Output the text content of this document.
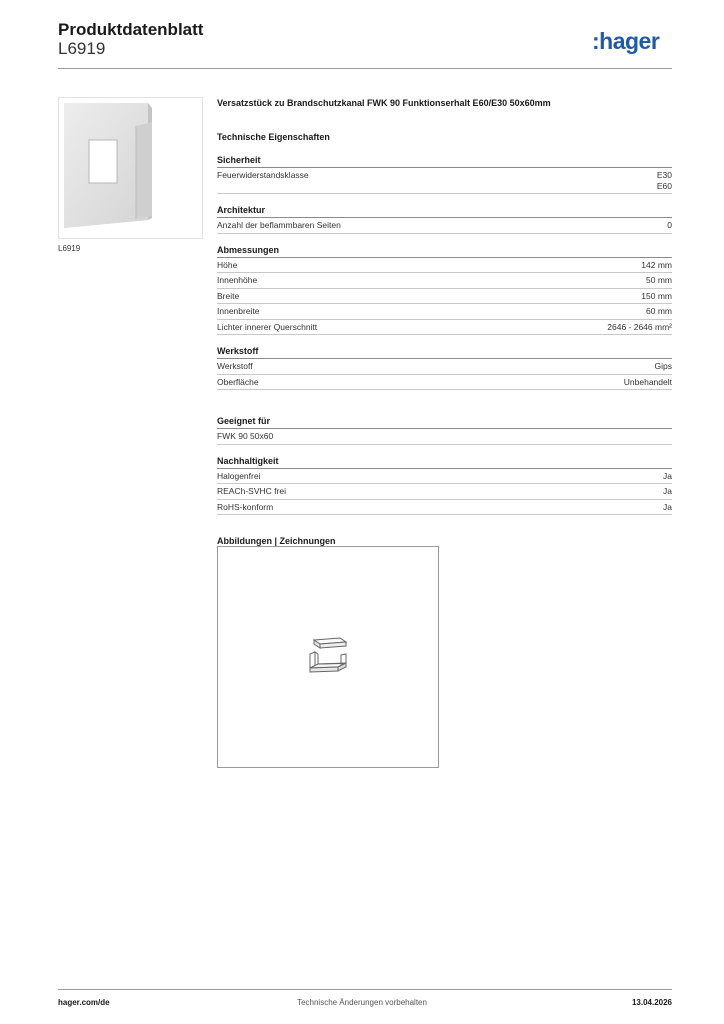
Produktdatenblatt
L6919	:hager
L6919
Versatzstück zu Brandschutzkanal FWK 90 Funktionserhalt E60/E30 50x60mm
Technische Eigenschaften
Sicherheit
Feuerwiderstandsklasse	E30
E60
Architektur
Anzahl der beflammbaren Seiten	0
Abmessungen
Höhe	142 mm
Innenhöhe	50 mm
Breite	150 mm
Innenbreite	60 mm
Lichter innerer Querschnitt	2646 - 2646 mm²
Werkstoff
Werkstoff	Gips
Oberfläche	Unbehandelt
Geeignet für
FWK 90 50x60
Nachhaltigkeit
Halogenfrei	Ja
REACh-SVHC frei	Ja
RoHS-konform	Ja
Abbildungen | Zeichnungen
hager.com/de	Technische Änderungen vorbehalten	13.04.2026
